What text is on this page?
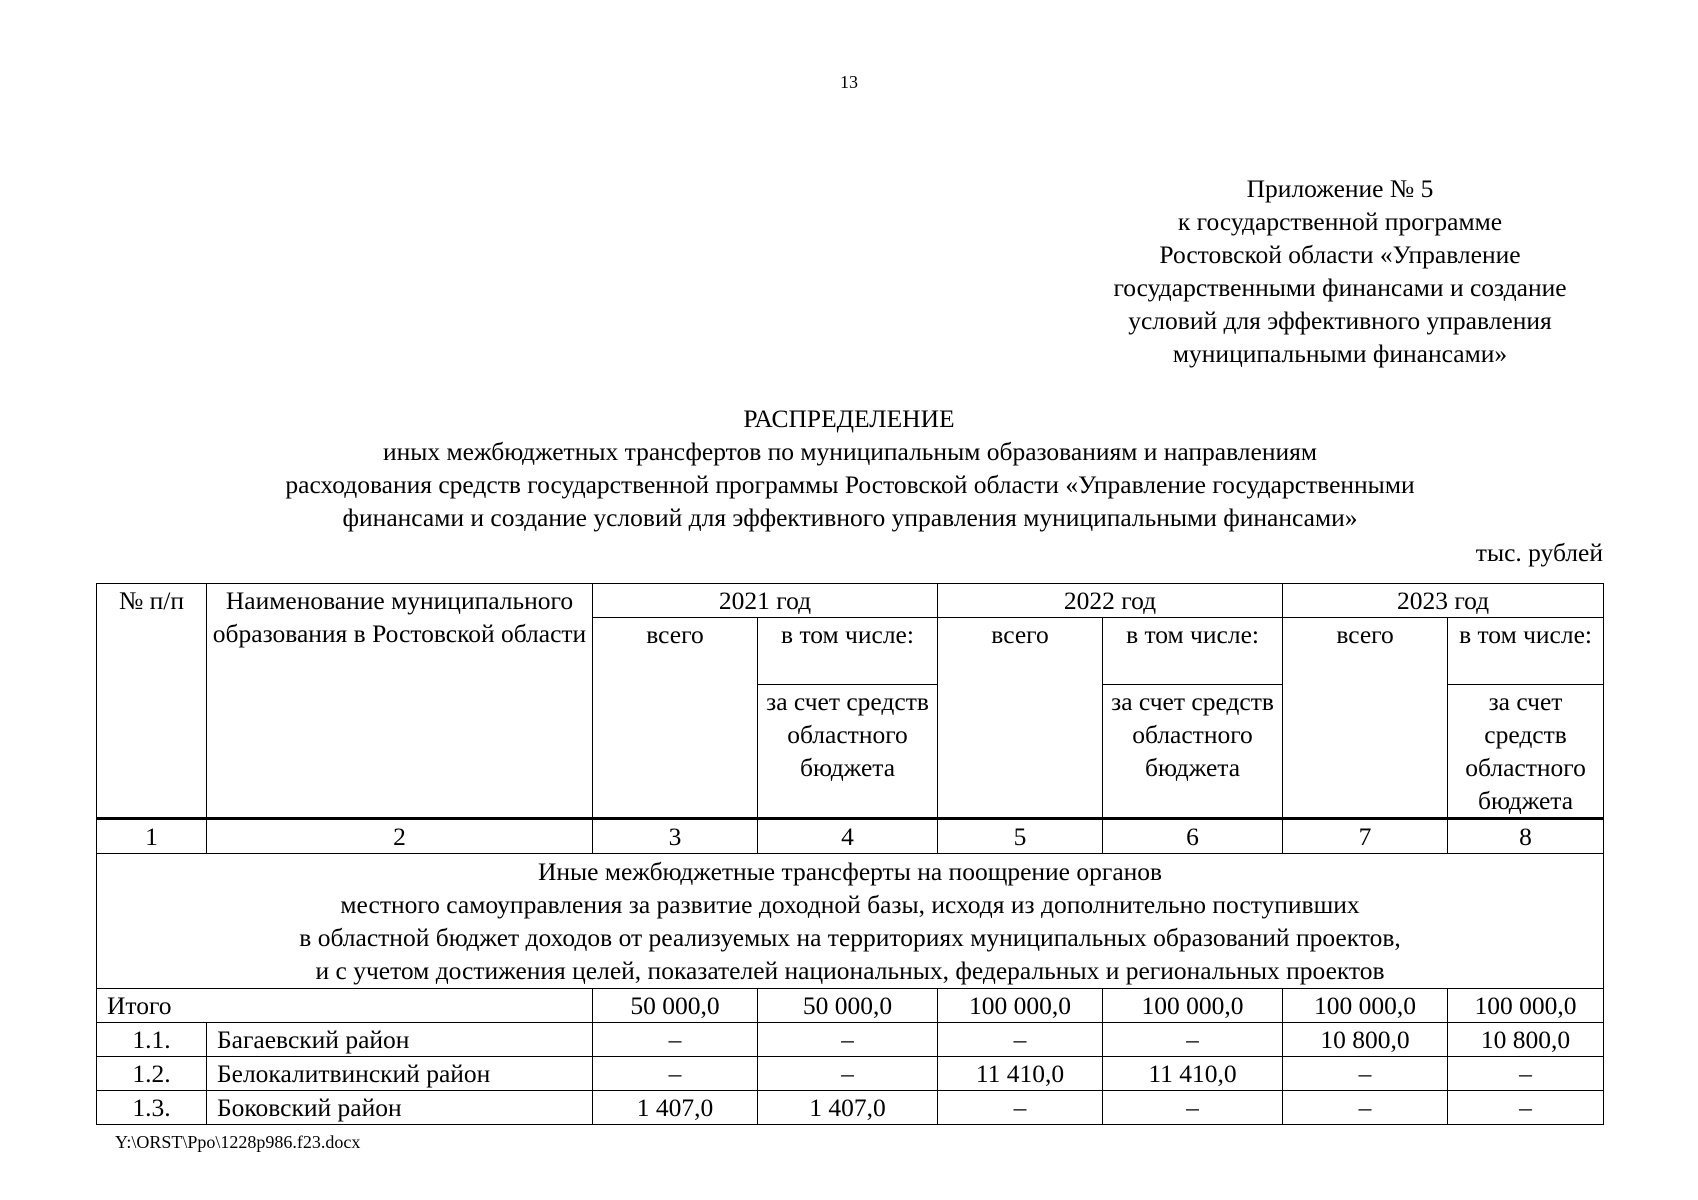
13
Приложение № 5
к государственной программе
Ростовской области «Управление
государственными финансами и создание
условий для эффективного управления
муниципальными финансами»
РАСПРЕДЕЛЕНИЕ
иных межбюджетных трансфертов по муниципальным образованиям и направлениям
расходования средств государственной программы Ростовской области «Управление государственными
финансами и создание условий для эффективного управления муниципальными финансами»
тыс. рублей
№ п/п	Наименование муниципального образования в Ростовской области	2021 год		2022 год		2023 год	
		всего	в том числе:	всего	в том числе:	всего	в том числе:
			за счет средств областного бюджета		за счет средств областного бюджета		за счет средств областного бюджета
1	2	3	4	5	6	7	8

Иные межбюджетные трансферты на поощрение органов
местного самоуправления за развитие доходной базы, исходя из дополнительно поступивших
в областной бюджет доходов от реализуемых на территориях муниципальных образований проектов,
и с учетом достижения целей, показателей национальных, федеральных и региональных проектов							

Итого		50 000,0	50 000,0	100 000,0	100 000,0	100 000,0	100 000,0
1.1.	Багаевский район	–	–	–	–	10 800,0	10 800,0
1.2.	Белокалитвинский район	–	–	11 410,0	11 410,0	–	–
1.3.	Боковский район	1 407,0	1 407,0	–	–	–	–
Y:\ORST\Ppo\1228p986.f23.docx
